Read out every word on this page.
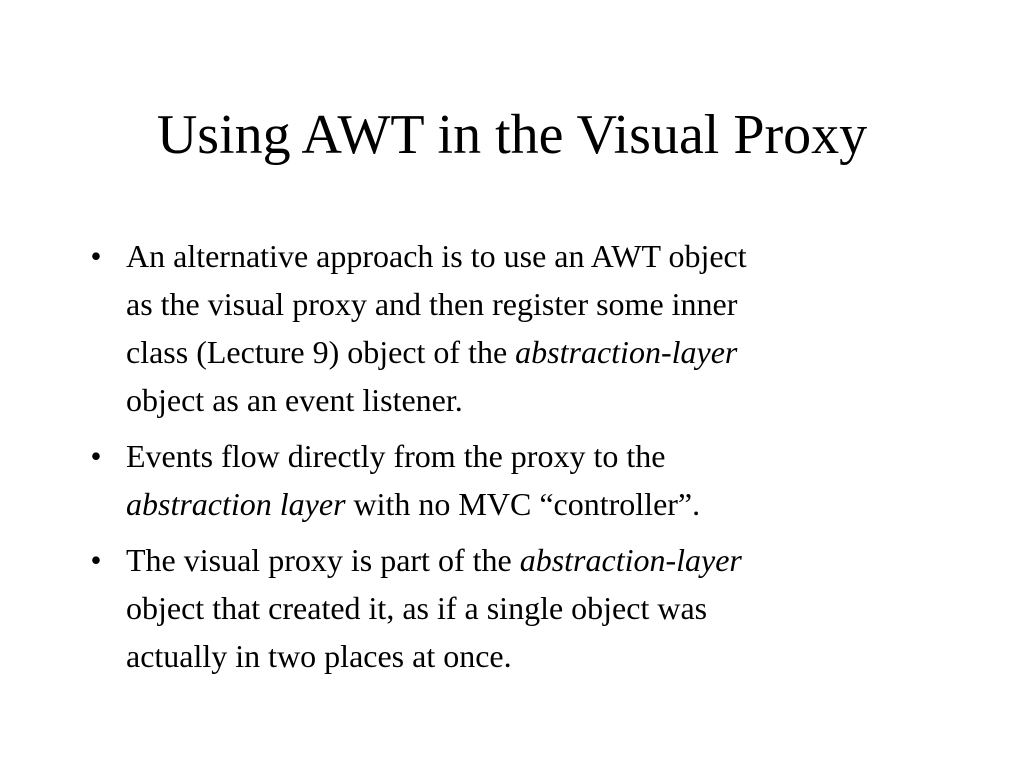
Using AWT in the Visual Proxy
• An alternative approach is to use an AWT object
as the visual proxy and then register some inner
class (Lecture 9) object of the abstraction-layer
object as an event listener.
• Events flow directly from the proxy to the
abstraction layer with no MVC “controller”.
• The visual proxy is part of the abstraction-layer
object that created it, as if a single object was
actually in two places at once.
